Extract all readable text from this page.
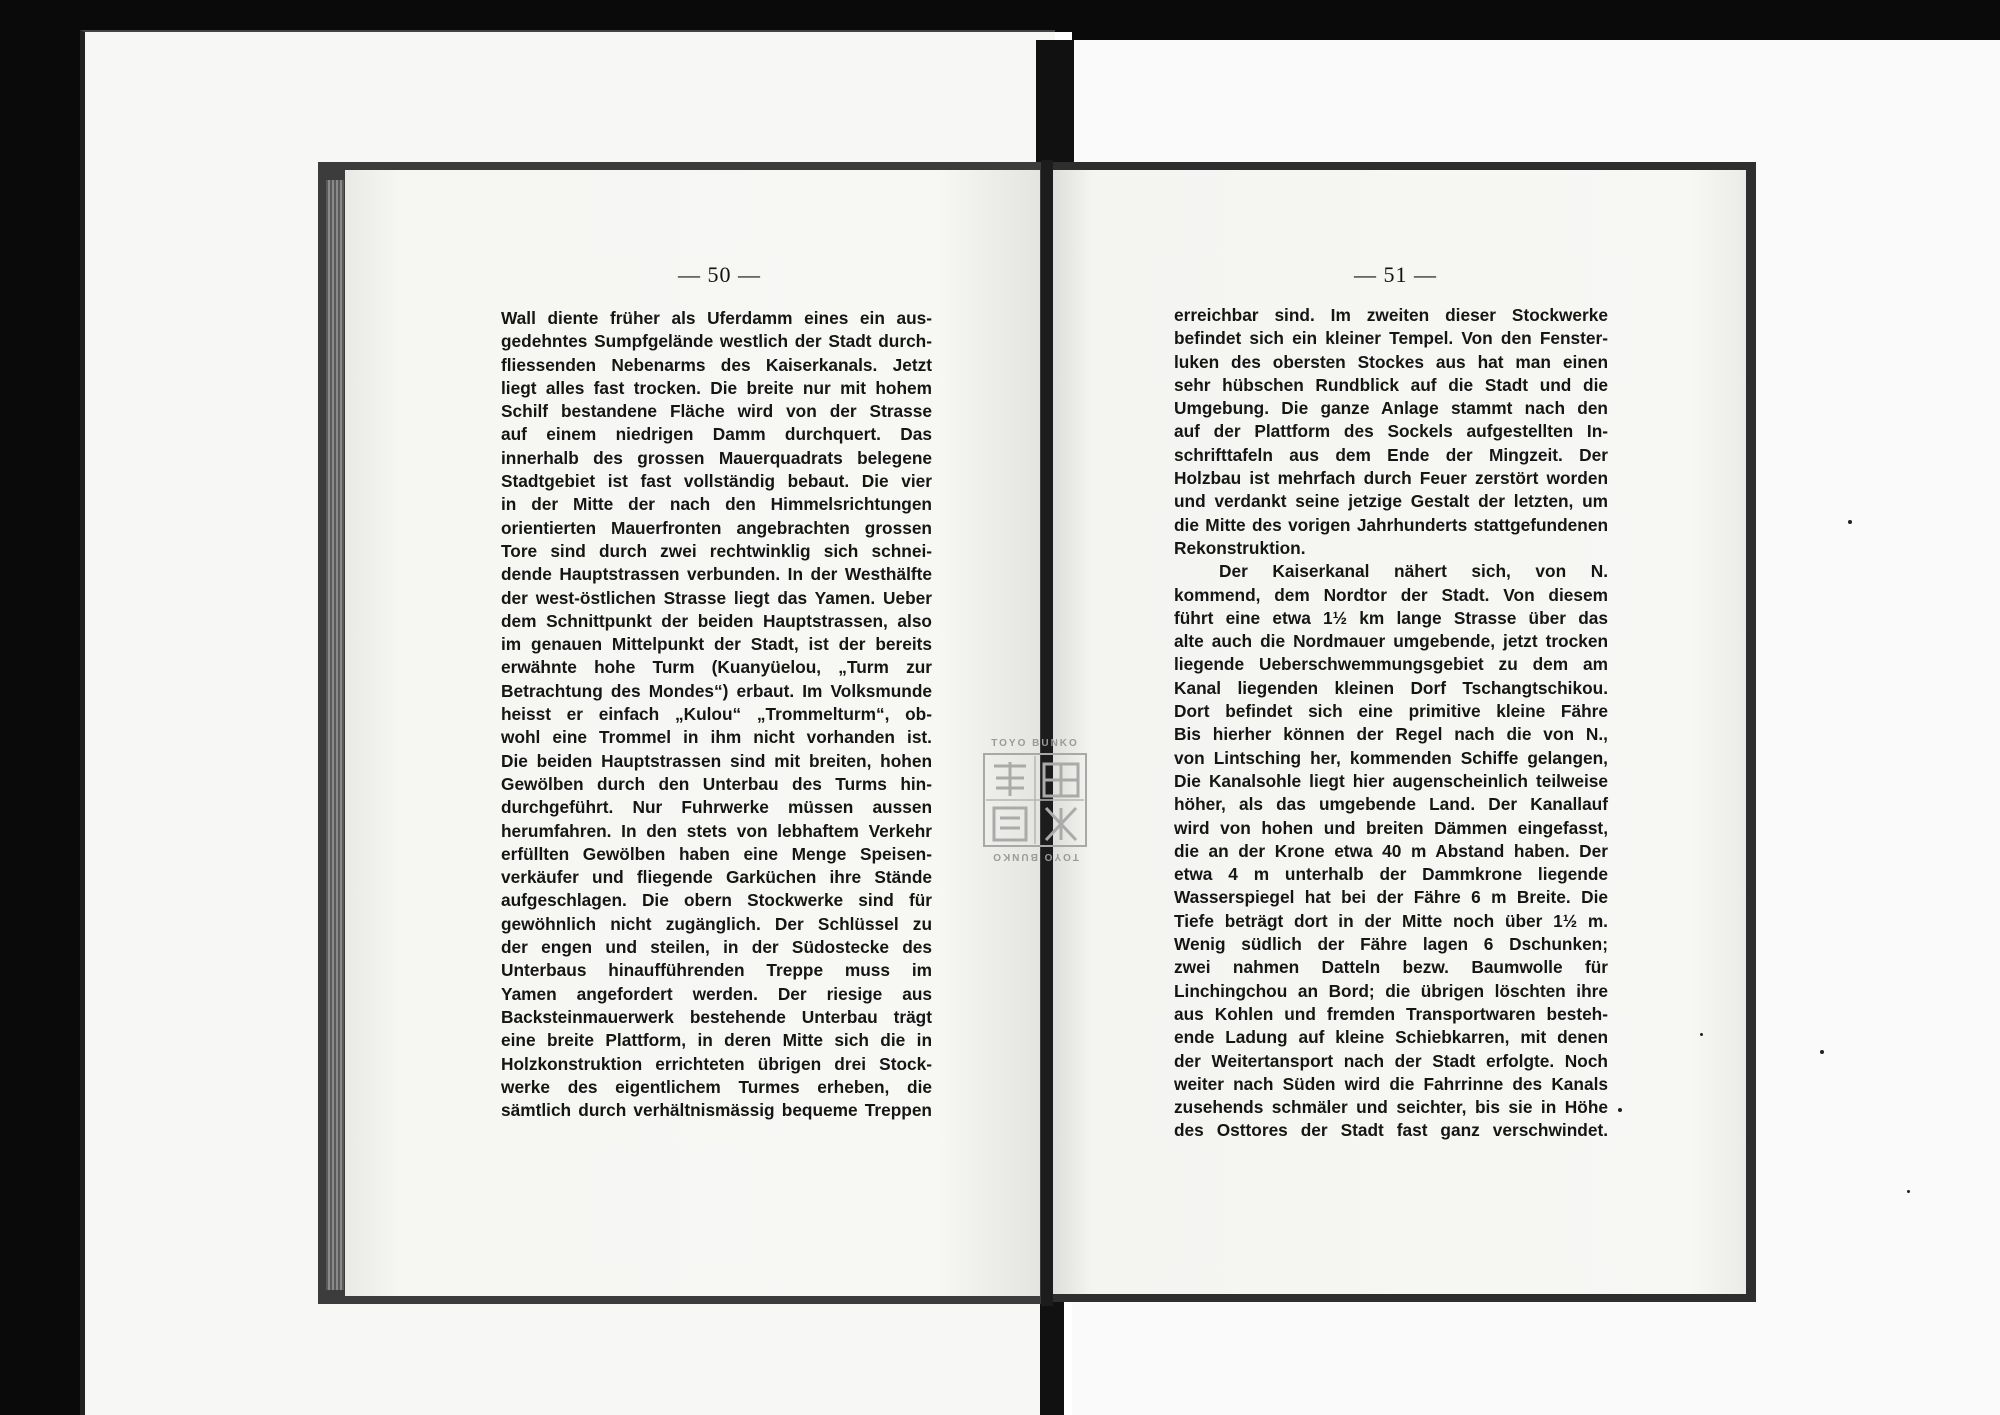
— 50 —	— 51 —
Wall diente früher als Uferdamm eines ein aus-
gedehntes Sumpfgelände westlich der Stadt durch-
fliessenden Nebenarms des Kaiserkanals. Jetzt
liegt alles fast trocken. Die breite nur mit hohem
Schilf bestandene Fläche wird von der Strasse
auf einem niedrigen Damm durchquert. Das
innerhalb des grossen Mauerquadrats belegene
Stadtgebiet ist fast vollständig bebaut. Die vier
in der Mitte der nach den Himmelsrichtungen
orientierten Mauerfronten angebrachten grossen
Tore sind durch zwei rechtwinklig sich schnei-
dende Hauptstrassen verbunden. In der Westhälfte
der west-östlichen Strasse liegt das Yamen. Ueber
dem Schnittpunkt der beiden Hauptstrassen, also
im genauen Mittelpunkt der Stadt, ist der bereits
erwähnte hohe Turm (Kuanyüelou, „Turm zur
Betrachtung des Mondes“) erbaut. Im Volksmunde
heisst er einfach „Kulou“ „Trommelturm“, ob-
wohl eine Trommel in ihm nicht vorhanden ist.
Die beiden Hauptstrassen sind mit breiten, hohen
Gewölben durch den Unterbau des Turms hin-
durchgeführt. Nur Fuhrwerke müssen aussen
herumfahren. In den stets von lebhaftem Verkehr
erfüllten Gewölben haben eine Menge Speisen-
verkäufer und fliegende Garküchen ihre Stände
aufgeschlagen. Die obern Stockwerke sind für
gewöhnlich nicht zugänglich. Der Schlüssel zu
der engen und steilen, in der Südostecke des
Unterbaus hinaufführenden Treppe muss im
Yamen angefordert werden. Der riesige aus
Backsteinmauerwerk bestehende Unterbau trägt
eine breite Plattform, in deren Mitte sich die in
Holzkonstruktion errichteten übrigen drei Stock-
werke des eigentlichem Turmes erheben, die
sämtlich durch verhältnismässig bequeme Treppen
erreichbar sind. Im zweiten dieser Stockwerke
befindet sich ein kleiner Tempel. Von den Fenster-
luken des obersten Stockes aus hat man einen
sehr hübschen Rundblick auf die Stadt und die
Umgebung. Die ganze Anlage stammt nach den
auf der Plattform des Sockels aufgestellten In-
schrifttafeln aus dem Ende der Mingzeit. Der
Holzbau ist mehrfach durch Feuer zerstört worden
und verdankt seine jetzige Gestalt der letzten, um
die Mitte des vorigen Jahrhunderts stattgefundenen
Rekonstruktion.
Der Kaiserkanal nähert sich, von N.
kommend, dem Nordtor der Stadt. Von diesem
führt eine etwa 1½ km lange Strasse über das
alte auch die Nordmauer umgebende, jetzt trocken
liegende Ueberschwemmungsgebiet zu dem am
Kanal liegenden kleinen Dorf Tschangtschikou.
Dort befindet sich eine primitive kleine Fähre
Bis hierher können der Regel nach die von N.,
von Lintsching her, kommenden Schiffe gelangen,
Die Kanalsohle liegt hier augenscheinlich teilweise
höher, als das umgebende Land. Der Kanallauf
wird von hohen und breiten Dämmen eingefasst,
die an der Krone etwa 40 m Abstand haben. Der
etwa 4 m unterhalb der Dammkrone liegende
Wasserspiegel hat bei der Fähre 6 m Breite. Die
Tiefe beträgt dort in der Mitte noch über 1½ m.
Wenig südlich der Fähre lagen 6 Dschunken;
zwei nahmen Datteln bezw. Baumwolle für
Linchingchou an Bord; die übrigen löschten ihre
aus Kohlen und fremden Transportwaren besteh-
ende Ladung auf kleine Schiebkarren, mit denen
der Weitertansport nach der Stadt erfolgte. Noch
weiter nach Süden wird die Fahrrinne des Kanals
zusehends schmäler und seichter, bis sie in Höhe
des Osttores der Stadt fast ganz verschwindet.
TOYO BUNKO
TOYO BUNKO
